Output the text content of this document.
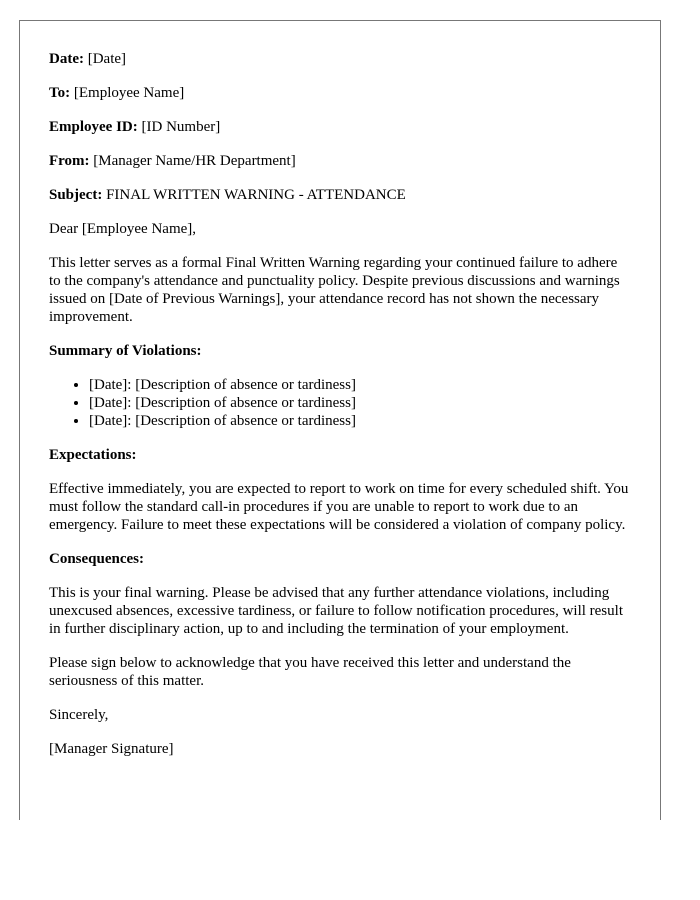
Date: [Date]

To: [Employee Name]

Employee ID: [ID Number]

From: [Manager Name/HR Department]

Subject: FINAL WRITTEN WARNING - ATTENDANCE

Dear [Employee Name],

This letter serves as a formal Final Written Warning regarding your continued failure to adhere to the company's attendance and punctuality policy. Despite previous discussions and warnings issued on [Date of Previous Warnings], your attendance record has not shown the necessary improvement.

Summary of Violations:

• [Date]: [Description of absence or tardiness]
• [Date]: [Description of absence or tardiness]
• [Date]: [Description of absence or tardiness]

Expectations:

Effective immediately, you are expected to report to work on time for every scheduled shift. You must follow the standard call-in procedures if you are unable to report to work due to an emergency. Failure to meet these expectations will be considered a violation of company policy.

Consequences:

This is your final warning. Please be advised that any further attendance violations, including unexcused absences, excessive tardiness, or failure to follow notification procedures, will result in further disciplinary action, up to and including the termination of your employment.

Please sign below to acknowledge that you have received this letter and understand the seriousness of this matter.

Sincerely,

[Manager Signature]
